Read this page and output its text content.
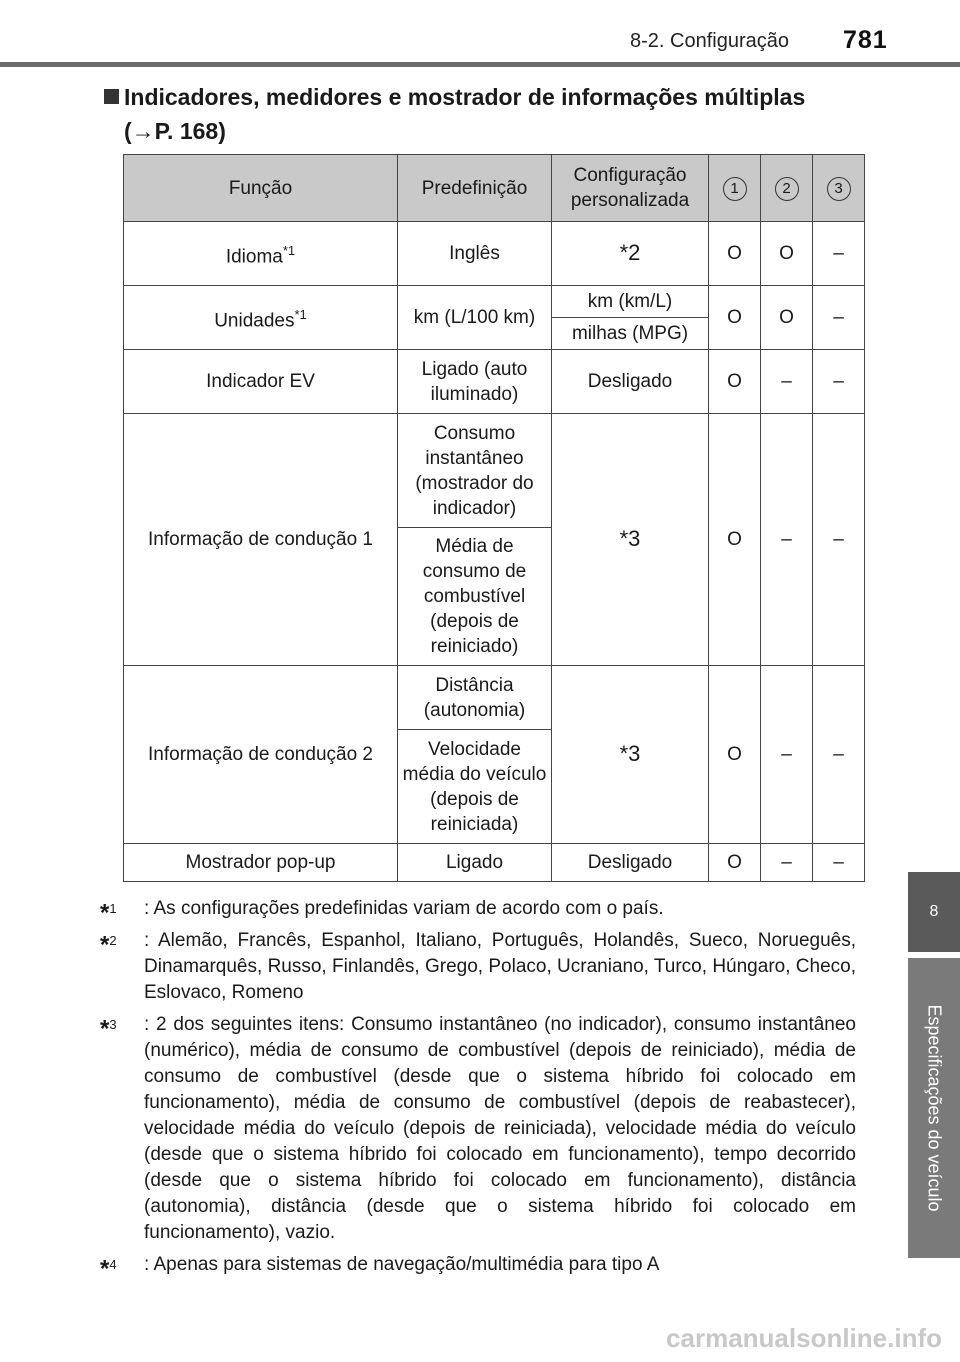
8-2. Configuração 781
8
Especificações do veículo
Indicadores, medidores e mostrador de informações múltiplas
(→P. 168)
Função	Predefinição	Configuração personalizada	1	2	3
Idioma$^{*1}$	Inglês	*2	O	O	–
Unidades$^{*1}$	km (L/100 km)	km (km/L)	O	O	–
		milhas (MPG)			
Indicador EV	Ligado (auto iluminado)	Desligado	O	–	–
Informação de condução 1	Consumo instantâneo (mostrador do indicador)	*3	O	–	–
	Média de consumo de combustível (depois de reiniciado)				
Informação de condução 2	Distância (autonomia)	*3	O	–	–
	Velocidade média do veículo (depois de reiniciada)				
Mostrador pop-up	Ligado	Desligado	O	–	–
*$^1$ : As configurações predefinidas variam de acordo com o país.
*$^2$ : Alemão, Francês, Espanhol, Italiano, Português, Holandês, Sueco, Norueguês, Dinamarquês, Russo, Finlandês, Grego, Polaco, Ucraniano, Turco, Húngaro, Checo, Eslovaco, Romeno
*$^3$ : 2 dos seguintes itens: Consumo instantâneo (no indicador), consumo instantâneo (numérico), média de consumo de combustível (depois de reiniciado), média de consumo de combustível (desde que o sistema híbrido foi colocado em funcionamento), média de consumo de combustível (depois de reabastecer), velocidade média do veículo (depois de reiniciada), velocidade média do veículo (desde que o sistema híbrido foi colocado em funcionamento), tempo decorrido (desde que o sistema híbrido foi colocado em funcionamento), distância (autonomia), distância (desde que o sistema híbrido foi colocado em funcionamento), vazio.
*$^4$ : Apenas para sistemas de navegação/multimédia para tipo A
carmanualsonline.info
